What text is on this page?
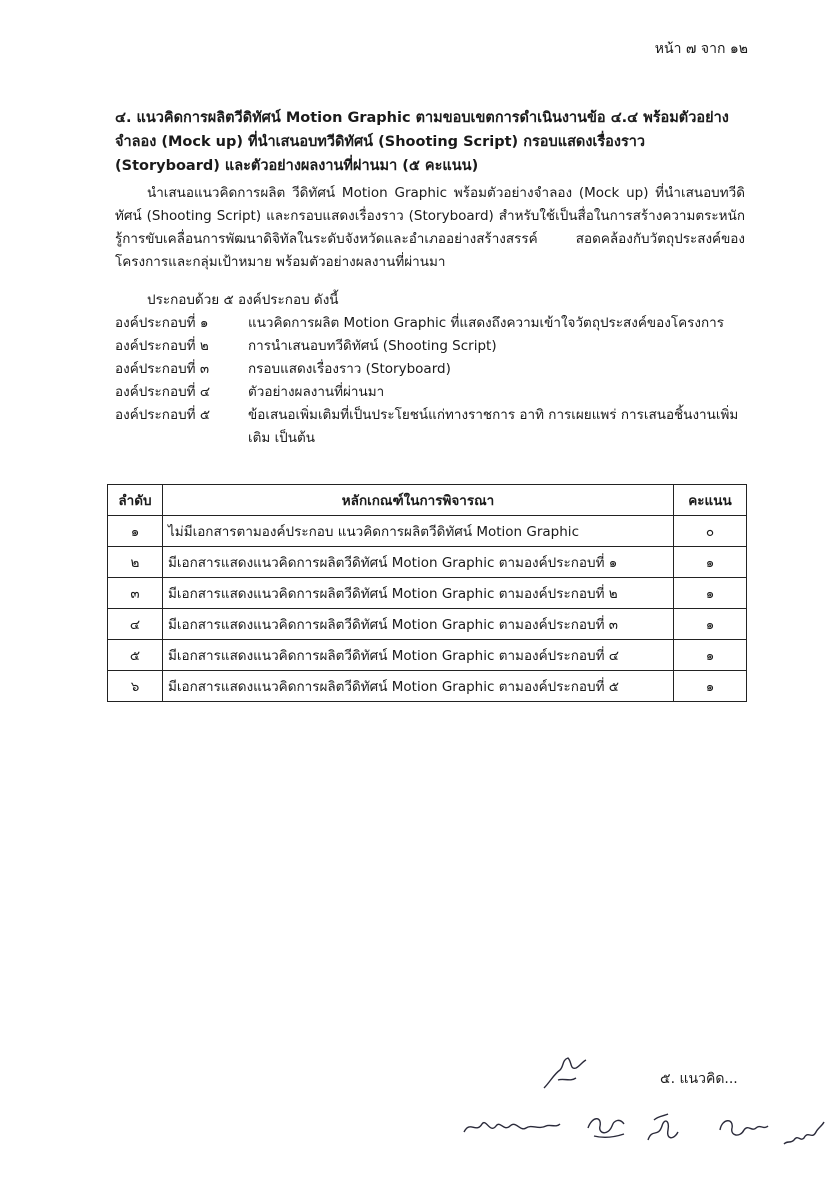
หน้า ๗ จาก ๑๒
๔. แนวคิดการผลิตวีดิทัศน์ Motion Graphic ตามขอบเขตการดำเนินงานข้อ ๔.๔ พร้อมตัวอย่างจำลอง (Mock up) ที่นำเสนอบทวีดิทัศน์ (Shooting Script) กรอบแสดงเรื่องราว (Storyboard) และตัวอย่างผลงานที่ผ่านมา (๕ คะแนน)
นำเสนอแนวคิดการผลิต วีดิทัศน์ Motion Graphic พร้อมตัวอย่างจำลอง (Mock up) ที่นำเสนอบทวีดิทัศน์ (Shooting Script) และกรอบแสดงเรื่องราว (Storyboard) สำหรับใช้เป็นสื่อในการสร้างความตระหนักรู้การขับเคลื่อนการพัฒนาดิจิทัลในระดับจังหวัดและอำเภออย่างสร้างสรรค์ สอดคล้องกับวัตถุประสงค์ของโครงการและกลุ่มเป้าหมาย พร้อมตัวอย่างผลงานที่ผ่านมา
ประกอบด้วย ๕ องค์ประกอบ ดังนี้
องค์ประกอบที่ ๑	แนวคิดการผลิต Motion Graphic ที่แสดงถึงความเข้าใจวัตถุประสงค์ของโครงการ
องค์ประกอบที่ ๒	การนำเสนอบทวีดิทัศน์ (Shooting Script)
องค์ประกอบที่ ๓	กรอบแสดงเรื่องราว (Storyboard)
องค์ประกอบที่ ๔	ตัวอย่างผลงานที่ผ่านมา
องค์ประกอบที่ ๕	ข้อเสนอเพิ่มเติมที่เป็นประโยชน์แก่ทางราชการ อาทิ การเผยแพร่ การเสนอชิ้นงานเพิ่มเติม เป็นต้น
ลำดับ	หลักเกณฑ์ในการพิจารณา	คะแนน
๑	ไม่มีเอกสารตามองค์ประกอบ แนวคิดการผลิตวีดิทัศน์ Motion Graphic	๐
๒	มีเอกสารแสดงแนวคิดการผลิตวีดิทัศน์ Motion Graphic ตามองค์ประกอบที่ ๑	๑
๓	มีเอกสารแสดงแนวคิดการผลิตวีดิทัศน์ Motion Graphic ตามองค์ประกอบที่ ๒	๑
๔	มีเอกสารแสดงแนวคิดการผลิตวีดิทัศน์ Motion Graphic ตามองค์ประกอบที่ ๓	๑
๕	มีเอกสารแสดงแนวคิดการผลิตวีดิทัศน์ Motion Graphic ตามองค์ประกอบที่ ๔	๑
๖	มีเอกสารแสดงแนวคิดการผลิตวีดิทัศน์ Motion Graphic ตามองค์ประกอบที่ ๕	๑
๕. แนวคิด...
